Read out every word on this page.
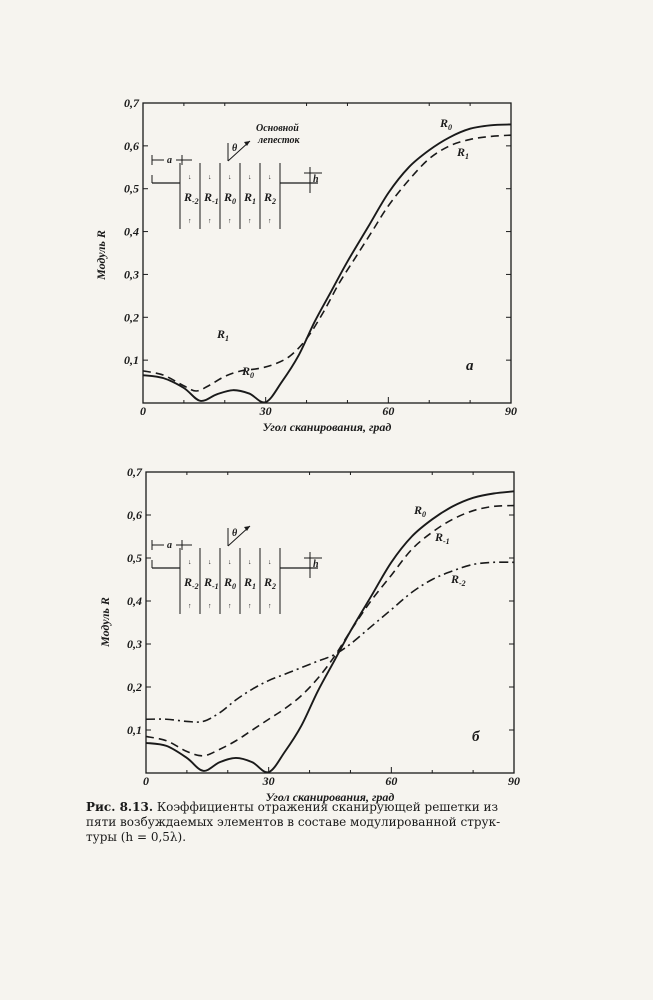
0	30	60	90
0,1
0,2
0,3
0,4
0,5
0,6
0,7
Угол сканирования, град
Модуль R
$R_0$
$R_0$
$R_1$
$R_1$
а
а
$R_{-2}$
↓
↑
$R_{-1}$
↓
↑
$R_0$
↓
↑
$R_1$
↓
↑
$R_2$
↓
↑
θ
Основной
лепесток
h
0	30	60	90
0,1
0,2
0,3
0,4
0,5
0,6
0,7
Угол сканирования, град
Модуль R
$R_0$
$R_{-1}$
$R_{-2}$
б
а
$R_{-2}$
↓
↑
$R_{-1}$
↓
↑
$R_0$
↓
↑
$R_1$
↓
↑
$R_2$
↓
↑
θ
h
Рис. 8.13. Коэффициенты отражения сканирующей решетки из
пяти возбуждаемых элементов в составе модулированной струк-
туры (h = 0,5λ).
